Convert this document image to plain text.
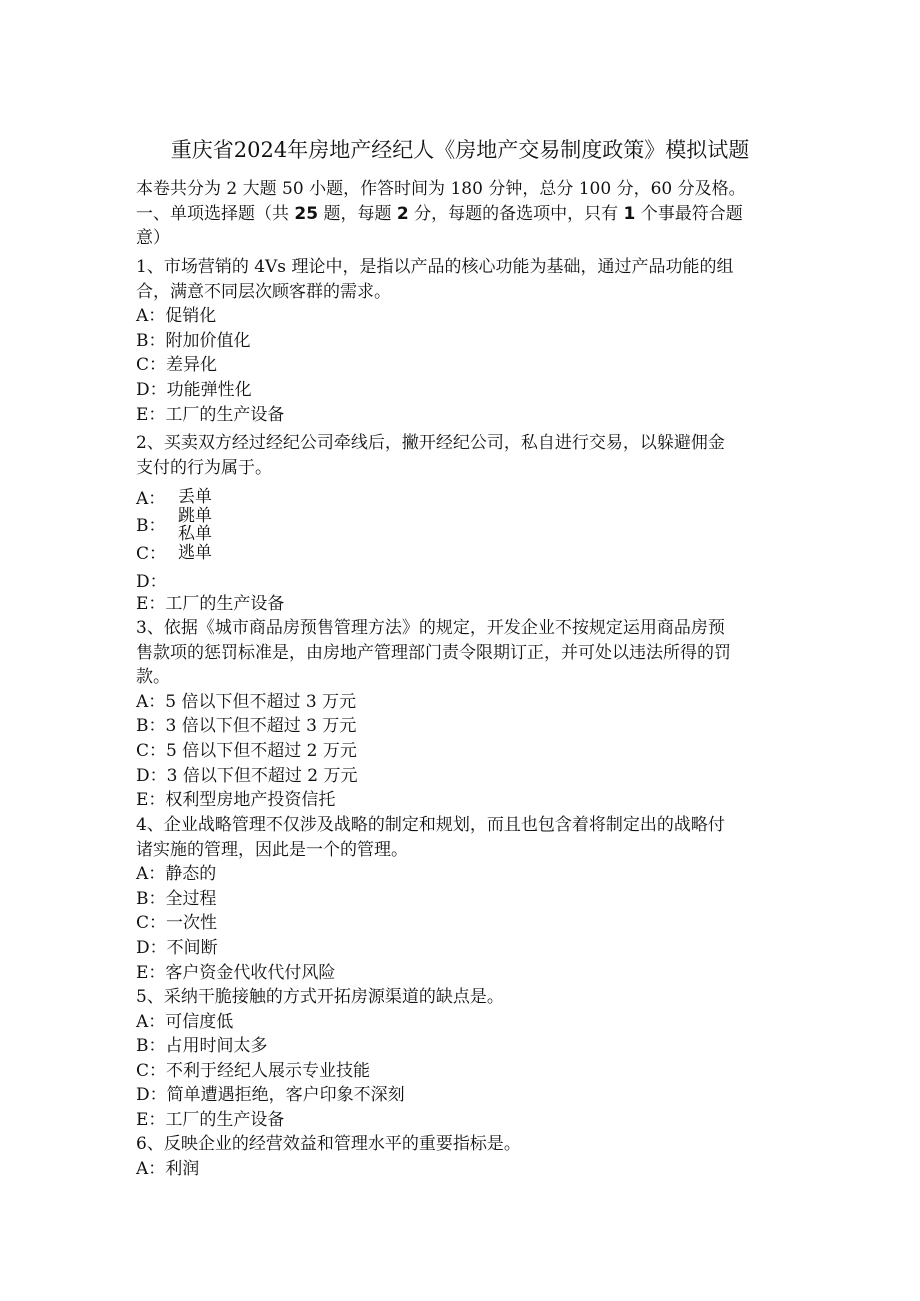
重庆省2024年房地产经纪人《房地产交易制度政策》模拟试题
本卷共分为 2 大题 50 小题，作答时间为 180 分钟，总分 100 分，60 分及格。
一、单项选择题（共 25 题，每题 2 分，每题的备选项中，只有 1 个事最符合题
意）
1、市场营销的 4Vs 理论中，是指以产品的核心功能为基础，通过产品功能的组
合，满意不同层次顾客群的需求。
A：促销化
B：附加价值化
C：差异化
D：功能弹性化
E：工厂的生产设备
2、买卖双方经过经纪公司牵线后，撇开经纪公司，私自进行交易，以躲避佣金
支付的行为属于。
A：
B：
C：
D：
丢单
跳单
私单
逃单
E：工厂的生产设备
3、依据《城市商品房预售管理方法》的规定，开发企业不按规定运用商品房预
售款项的惩罚标准是，由房地产管理部门责令限期订正，并可处以违法所得的罚
款。
A：5 倍以下但不超过 3 万元
B：3 倍以下但不超过 3 万元
C：5 倍以下但不超过 2 万元
D：3 倍以下但不超过 2 万元
E：权利型房地产投资信托
4、企业战略管理不仅涉及战略的制定和规划，而且也包含着将制定出的战略付
诸实施的管理，因此是一个的管理。
A：静态的
B：全过程
C：一次性
D：不间断
E：客户资金代收代付风险
5、采纳干脆接触的方式开拓房源渠道的缺点是。
A：可信度低
B：占用时间太多
C：不利于经纪人展示专业技能
D：简单遭遇拒绝，客户印象不深刻
E：工厂的生产设备
6、反映企业的经营效益和管理水平的重要指标是。
A：利润
